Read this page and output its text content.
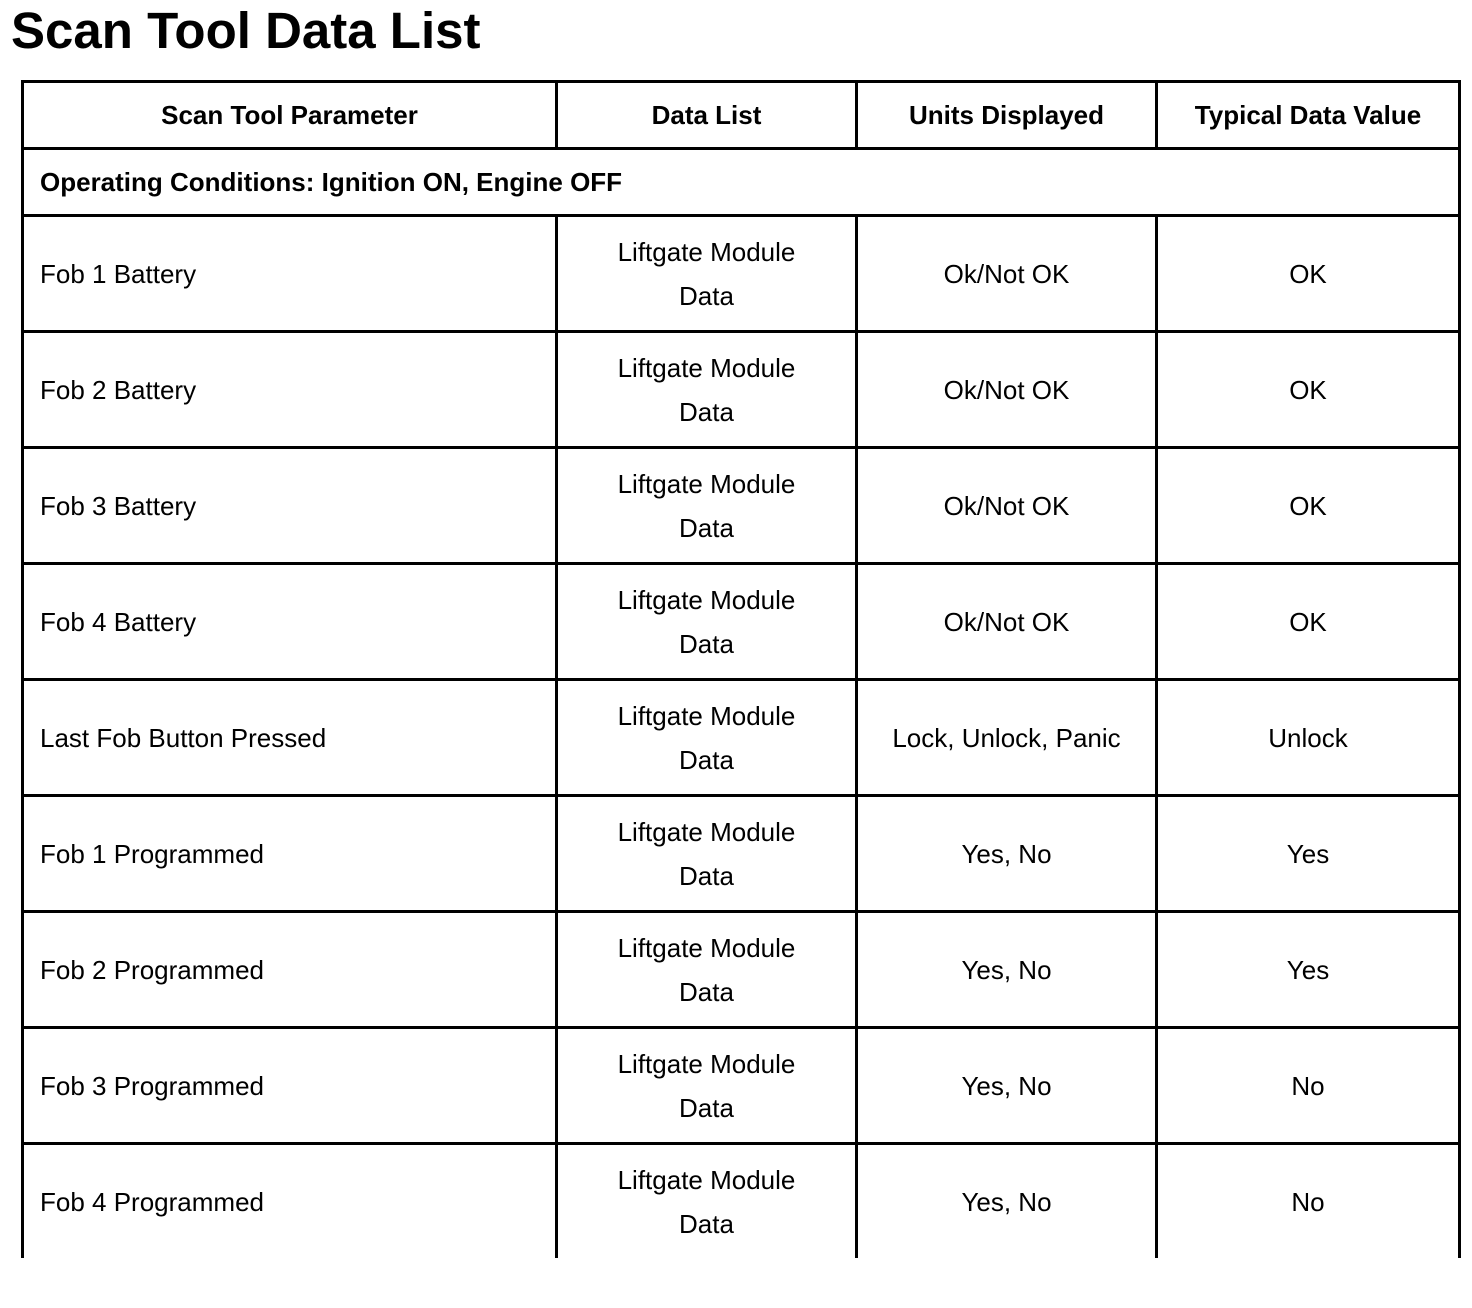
Scan Tool Data List
Scan Tool Parameter	Data List	Units Displayed	Typical Data Value
Operating Conditions: Ignition ON, Engine OFF			
Fob 1 Battery	Liftgate Module Data	Ok/Not OK	OK
Fob 2 Battery	Liftgate Module Data	Ok/Not OK	OK
Fob 3 Battery	Liftgate Module Data	Ok/Not OK	OK
Fob 4 Battery	Liftgate Module Data	Ok/Not OK	OK
Last Fob Button Pressed	Liftgate Module Data	Lock, Unlock, Panic	Unlock
Fob 1 Programmed	Liftgate Module Data	Yes, No	Yes
Fob 2 Programmed	Liftgate Module Data	Yes, No	Yes
Fob 3 Programmed	Liftgate Module Data	Yes, No	No
Fob 4 Programmed	Liftgate Module Data	Yes, No	No
